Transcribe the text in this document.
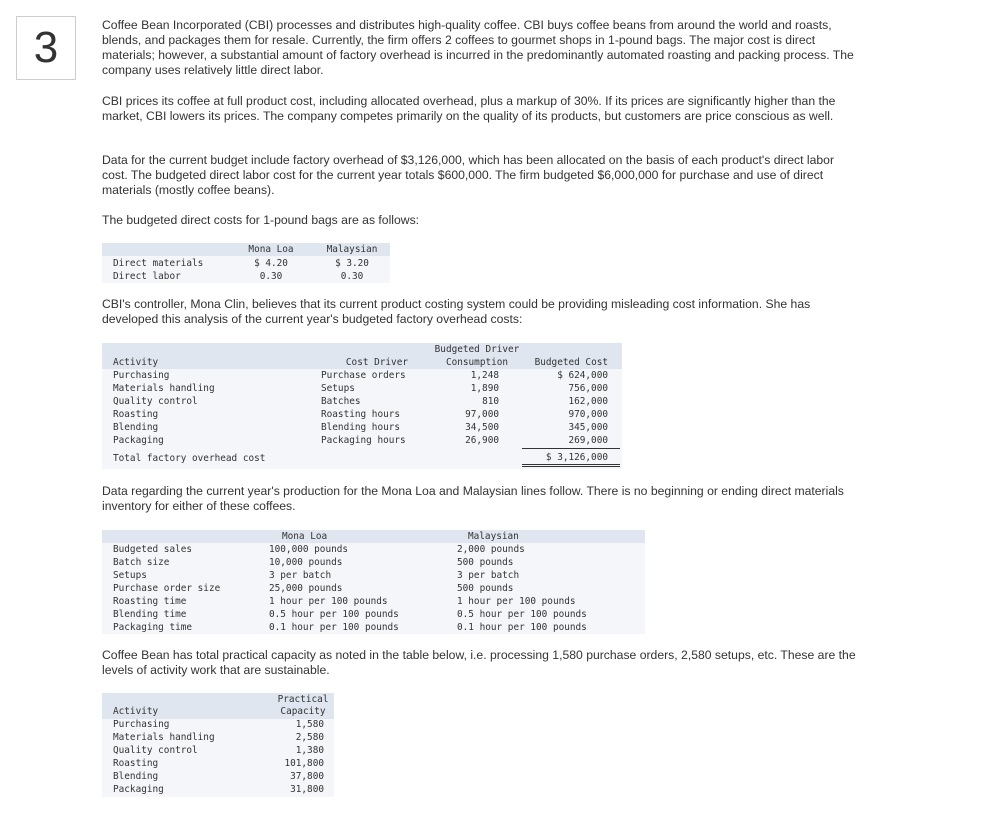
3	Coffee Bean Incorporated (CBI) processes and distributes high-quality coffee. CBI buys coffee beans from around the world and roasts, blends, and packages them for resale. Currently, the firm offers 2 coffees to gourmet shops in 1-pound bags. The major cost is direct materials; however, a substantial amount of factory overhead is incurred in the predominantly automated roasting and packing process. The company uses relatively little direct labor.
CBI prices its coffee at full product cost, including allocated overhead, plus a markup of 30%. If its prices are significantly higher than the market, CBI lowers its prices. The company competes primarily on the quality of its products, but customers are price conscious as well.
Data for the current budget include factory overhead of $3,126,000, which has been allocated on the basis of each product's direct labor cost. The budgeted direct labor cost for the current year totals $600,000. The firm budgeted $6,000,000 for purchase and use of direct materials (mostly coffee beans).
The budgeted direct costs for 1-pound bags are as follows:
Mona Loa	Malaysian
Direct materials	$ 4.20	$ 3.20
Direct labor	0.30	0.30
CBI's controller, Mona Clin, believes that its current product costing system could be providing misleading cost information. She has developed this analysis of the current year's budgeted factory overhead costs:
Activity	Cost Driver
Budgeted Driver
Consumption	Budgeted Cost
Purchasing	Purchase orders	1,248	$ 624,000
Materials handling	Setups	1,890	756,000
Quality control	Batches	810	162,000
Roasting	Roasting hours	97,000	970,000
Blending	Blending hours	34,500	345,000
Packaging	Packaging hours	26,900	269,000
Total factory overhead cost	$ 3,126,000
Data regarding the current year's production for the Mona Loa and Malaysian lines follow. There is no beginning or ending direct materials inventory for either of these coffees.
Mona Loa	Malaysian
Budgeted sales	100,000 pounds	2,000 pounds
Batch size	10,000 pounds	500 pounds
Setups	3 per batch	3 per batch
Purchase order size	25,000 pounds	500 pounds
Roasting time	1 hour per 100 pounds	1 hour per 100 pounds
Blending time	0.5 hour per 100 pounds	0.5 hour per 100 pounds
Packaging time	0.1 hour per 100 pounds	0.1 hour per 100 pounds
Coffee Bean has total practical capacity as noted in the table below, i.e. processing 1,580 purchase orders, 2,580 setups, etc. These are the levels of activity work that are sustainable.
Activity
Practical
Capacity
Purchasing	1,580
Materials handling	2,580
Quality control	1,380
Roasting	101,800
Blending	37,800
Packaging	31,800
